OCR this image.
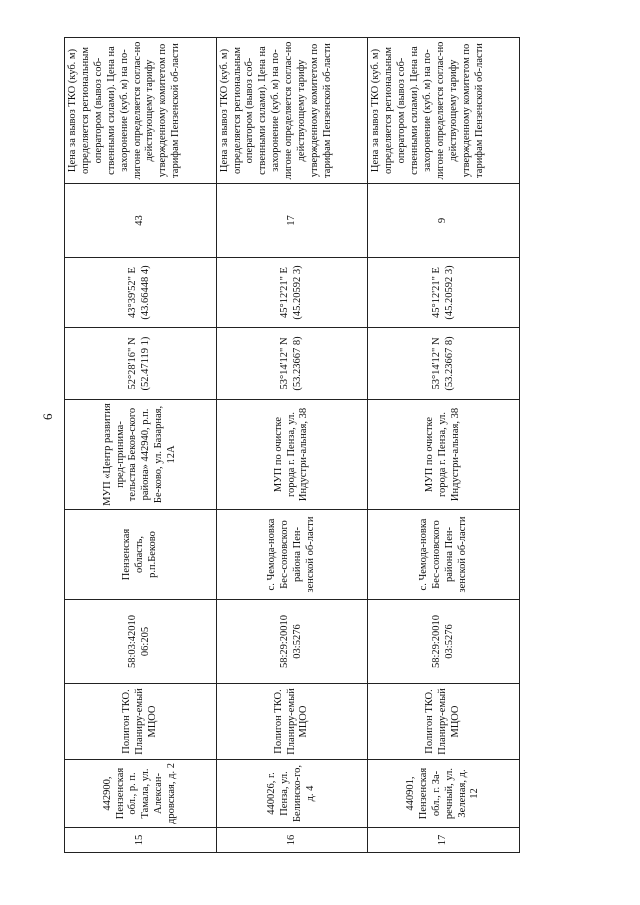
6
15	442900, Пензенская обл., р. п. Тамала, ул. Алексан-дровская, д. 2	Полигон ТКО. Планиру-емый МЦОО	58:03:42010 06:205	Пензенская область, р.п.Беково	МУП «Центр развития пред-принима-тельства Беков-ского района» 442940, р.п. Бе-ково, ул. Базарная, 12А	52°28'16" N (52.47119 1)	43°39'52" E (43.66448 4)	43	Цена за вывоз ТКО (куб. м) определяется региональным оператором (вывоз соб-ственными силами). Цена на захоронение (куб. м) на по-лигоне определяется соглас-но действующему тарифу утвержденному комитетом по тарифам Пензенской об-ласти
16	440026, г. Пенза, ул. Белинско-го, д. 4	Полигон ТКО. Планиру-емый МЦОО	58:29:20010 03:5276	с. Чемода-новка Бес-соновского района Пен-зенской об-ласти	МУП по очистке города г. Пенза, ул. Индустри-альная, 38	53°14'12" N (53.23667 8)	45°12'21" E (45.20592 3)	17	Цена за вывоз ТКО (куб. м) определяется региональным оператором (вывоз соб-ственными силами). Цена на захоронение (куб. м) на по-лигоне определяется соглас-но действующему тарифу утвержденному комитетом по тарифам Пензенской об-ласти
17	440901, Пензенская обл., г. За-речный, ул. Зеленая, д. 12	Полигон ТКО. Планиру-емый МЦОО	58:29:20010 03:5276	с. Чемода-новка Бес-соновского района Пен-зенской об-ласти	МУП по очистке города г. Пенза, ул. Индустри-альная, 38	53°14'12" N (53.23667 8)	45°12'21" E (45.20592 3)	9	Цена за вывоз ТКО (куб. м) определяется региональным оператором (вывоз соб-ственными силами). Цена на захоронение (куб. м) на по-лигоне определяется соглас-но действующему тарифу утвержденному комитетом по тарифам Пензенской об-ласти
